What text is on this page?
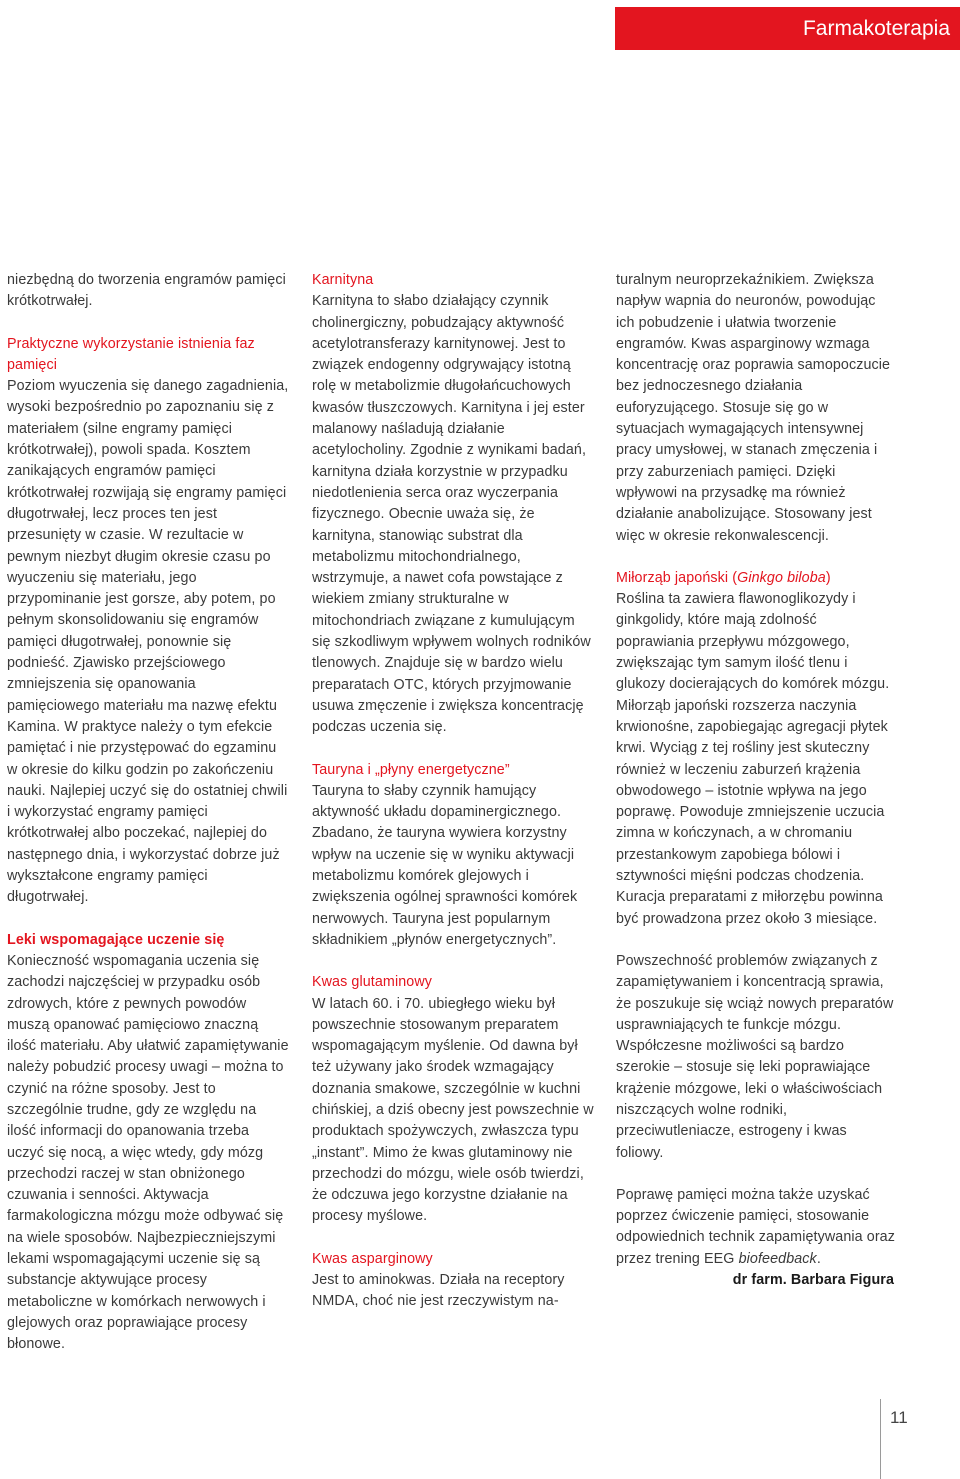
Farmakoterapia

niezbędną do tworzenia engramów pamięci krótkotrwałej.

Praktyczne wykorzystanie istnienia faz pamięci

Poziom wyuczenia się danego zagadnienia, wysoki bezpośrednio po zapoznaniu się z materiałem (silne engramy pamięci krótkotrwałej), powoli spada. Kosztem zanikających engramów pamięci krótkotrwałej rozwijają się engramy pamięci długotrwałej, lecz proces ten jest przesunięty w czasie. W rezultacie w pewnym niezbyt długim okresie czasu po wyuczeniu się materiału, jego przypominanie jest gorsze, aby potem, po pełnym skonsolidowaniu się engramów pamięci długotrwałej, ponownie się podnieść. Zjawisko przejściowego zmniejszenia się opanowania pamięciowego materiału ma nazwę efektu Kamina. W praktyce należy o tym efekcie pamiętać i nie przystępować do egzaminu w okresie do kilku godzin po zakończeniu nauki. Najlepiej uczyć się do ostatniej chwili i wykorzystać engramy pamięci krótkotrwałej albo poczekać, najlepiej do następnego dnia, i wykorzystać dobrze już wykształcone engramy pamięci długotrwałej.

Leki wspomagające uczenie się

Konieczność wspomagania uczenia się zachodzi najczęściej w przypadku osób zdrowych, które z pewnych powodów muszą opanować pamięciowo znaczną ilość materiału. Aby ułatwić zapamiętywanie należy pobudzić procesy uwagi – można to czynić na różne sposoby. Jest to szczególnie trudne, gdy ze względu na ilość informacji do opanowania trzeba uczyć się nocą, a więc wtedy, gdy mózg przechodzi raczej w stan obniżonego czuwania i senności. Aktywacja farmakologiczna mózgu może odbywać się na wiele sposobów. Najbezpieczniejszymi lekami wspomagającymi uczenie się są substancje aktywujące procesy metaboliczne w komórkach nerwowych i glejowych oraz poprawiające procesy błonowe.

Karnityna

Karnityna to słabo działający czynnik cholinergiczny, pobudzający aktywność acetylotransferazy karnitynowej. Jest to związek endogenny odgrywający istotną rolę w metabolizmie długołańcuchowych kwasów tłuszczowych. Karnityna i jej ester malanowy naśladują działanie acetylocholiny. Zgodnie z wynikami badań, karnityna działa korzystnie w przypadku niedotlenienia serca oraz wyczerpania fizycznego. Obecnie uważa się, że karnityna, stanowiąc substrat dla metabolizmu mitochondrialnego, wstrzymuje, a nawet cofa powstające z wiekiem zmiany strukturalne w mitochondriach związane z kumulującym się szkodliwym wpływem wolnych rodników tlenowych. Znajduje się w bardzo wielu preparatach OTC, których przyjmowanie usuwa zmęczenie i zwiększa koncentrację podczas uczenia się.

Tauryna i „płyny energetyczne”

Tauryna to słaby czynnik hamujący aktywność układu dopaminergicznego. Zbadano, że tauryna wywiera korzystny wpływ na uczenie się w wyniku aktywacji metabolizmu komórek glejowych i zwiększenia ogólnej sprawności komórek nerwowych. Tauryna jest popularnym składnikiem „płynów energetycznych”.

Kwas glutaminowy

W latach 60. i 70. ubiegłego wieku był powszechnie stosowanym preparatem wspomagającym myślenie. Od dawna był też używany jako środek wzmagający doznania smakowe, szczególnie w kuchni chińskiej, a dziś obecny jest powszechnie w produktach spożywczych, zwłaszcza typu „instant”. Mimo że kwas glutaminowy nie przechodzi do mózgu, wiele osób twierdzi, że odczuwa jego korzystne działanie na procesy myślowe.

Kwas asparginowy

Jest to aminokwas. Działa na receptory NMDA, choć nie jest rzeczywistym na-

turalnym neuroprzekaźnikiem. Zwiększa napływ wapnia do neuronów, powodując ich pobudzenie i ułatwia tworzenie engramów. Kwas asparginowy wzmaga koncentrację oraz poprawia samopoczucie bez jednoczesnego działania euforyzującego. Stosuje się go w sytuacjach wymagających intensywnej pracy umysłowej, w stanach zmęczenia i przy zaburzeniach pamięci. Dzięki wpływowi na przysadkę ma również działanie anabolizujące. Stosowany jest więc w okresie rekonwalescencji.

Miłorząb japoński (Ginkgo biloba)

Roślina ta zawiera flawonoglikozydy i ginkgolidy, które mają zdolność poprawiania przepływu mózgowego, zwiększając tym samym ilość tlenu i glukozy docierających do komórek mózgu. Miłorząb japoński rozszerza naczynia krwionośne, zapobiegając agregacji płytek krwi. Wyciąg z tej rośliny jest skuteczny również w leczeniu zaburzeń krążenia obwodowego – istotnie wpływa na jego poprawę. Powoduje zmniejszenie uczucia zimna w kończynach, a w chromaniu przestankowym zapobiega bólowi i sztywności mięśni podczas chodzenia. Kuracja preparatami z miłorzębu powinna być prowadzona przez około 3 miesiące.

Powszechność problemów związanych z zapamiętywaniem i koncentracją sprawia, że poszukuje się wciąż nowych preparatów usprawniających te funkcje mózgu. Współczesne możliwości są bardzo szerokie – stosuje się leki poprawiające krążenie mózgowe, leki o właściwościach niszczących wolne rodniki, przeciwutleniacze, estrogeny i kwas foliowy.

Poprawę pamięci można także uzyskać poprzez ćwiczenie pamięci, stosowanie odpowiednich technik zapamiętywania oraz przez trening EEG biofeedback.

dr farm. Barbara Figura

11
